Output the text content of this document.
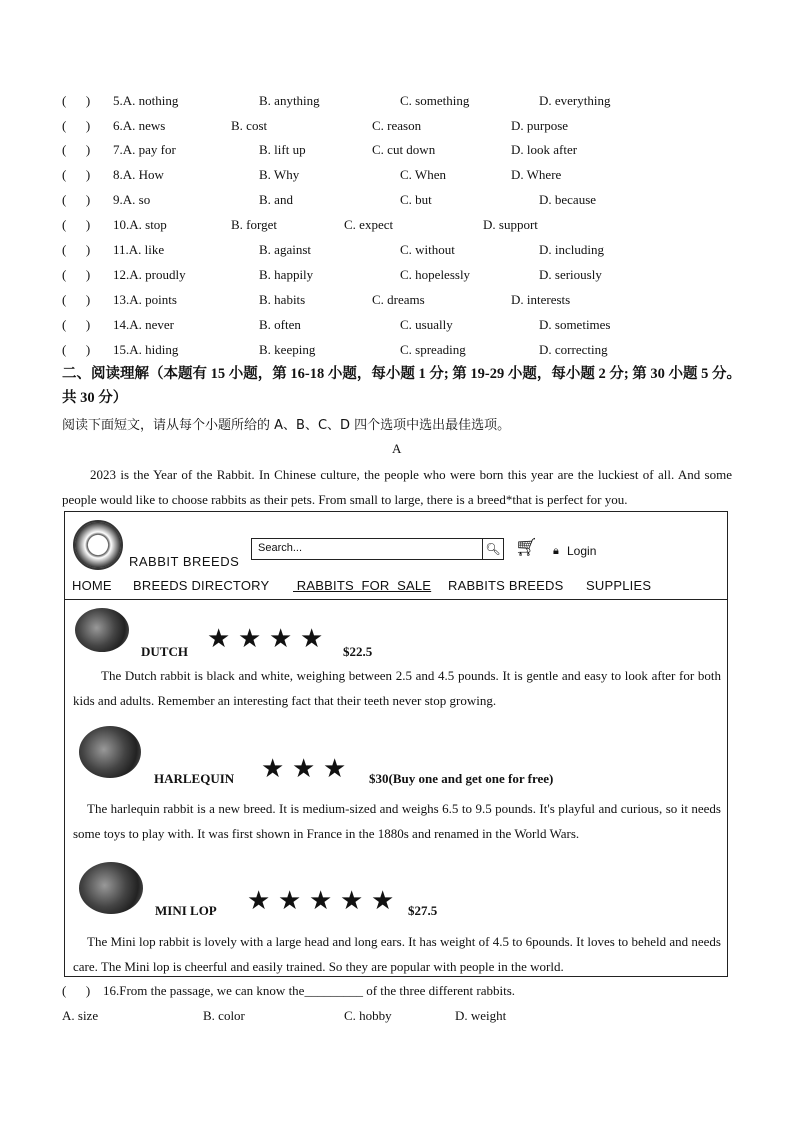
(      ) 5.A. nothing	B. anything	C. something	D. everything
(      ) 6.A. news	B. cost	C. reason	D. purpose
(      ) 7.A. pay for	B. lift up	C. cut down	D. look after
(      ) 8.A. How	B. Why	C. When	D. Where
(      ) 9.A. so	B. and	C. but	D. because
(      ) 10.A. stop	B. forget	C. expect	D. support
(      ) 11.A. like	B. against	C. without	D. including
(      ) 12.A. proudly	B. happily	C. hopelessly	D. seriously
(      ) 13.A. points	B. habits	C. dreams	D. interests
(      ) 14.A. never	B. often	C. usually	D. sometimes
(      ) 15.A. hiding	B. keeping	C. spreading	D. correcting
二、阅读理解（本题有 15 小题，第 16-18 小题，每小题 1 分; 第 19-29 小题，每小题 2 分; 第 30 小题 5 分。共 30 分）
阅读下面短文，请从每个小题所给的 A、B、C、D 四个选项中选出最佳选项。
A
2023 is the Year of the Rabbit. In Chinese culture, the people who were born this year are the luckiest of all. And some people would like to choose rabbits as their pets. From small to large, there is a breed*that is perfect for you.
RABBIT BREEDS
Search...	🔍︎ 🛒︎ 🔒︎ Login
HOME BREEDS DIRECTORY RABBITS  FOR  SALE RABBITS BREEDS SUPPLIES
DUTCH ★ ★ ★ ★ $22.5
The Dutch rabbit is black and white, weighing between 2.5 and 4.5 pounds. It is gentle and easy to look after for both kids and adults. Remember an interesting fact that their teeth never stop growing.
HARLEQUIN ★ ★ ★ $30(Buy one and get one for free)
The harlequin rabbit is a new breed. It is medium-sized and weighs 6.5 to 9.5 pounds. It's playful and curious, so it needs some toys to play with. It was first shown in France in the 1880s and renamed in the World Wars.
MINI LOP ★ ★ ★ ★ ★ $27.5
The Mini lop rabbit is lovely with a large head and long ears. It has weight of 4.5 to 6pounds. It loves to beheld and needs care. The Mini lop is cheerful and easily trained. So they are popular with people in the world.
(      ) 16.From the passage, we can know the_________ of the three different rabbits.
A. size	B. color	C. hobby	D. weight
